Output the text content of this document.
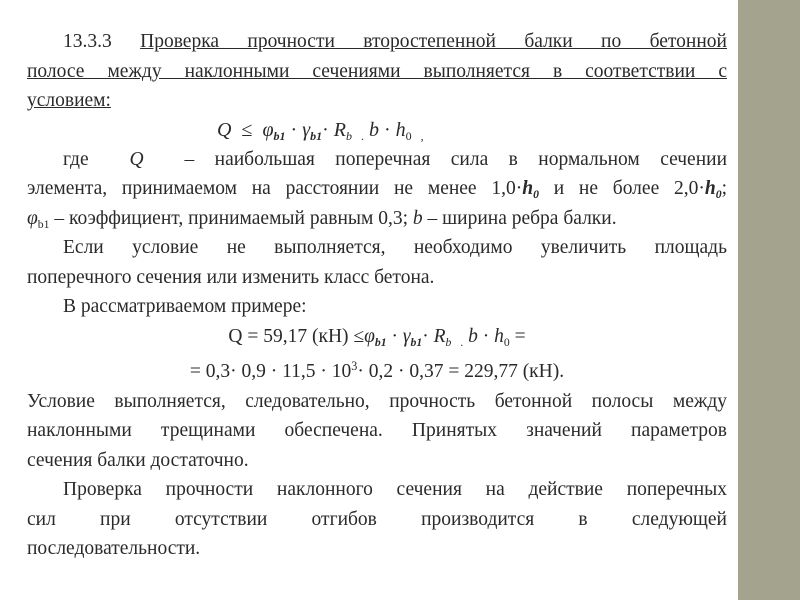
13.3.3 Проверка прочности второстепенной балки по бетонной

полосе между наклонными сечениями выполняется в соответствии с

условием:

$Q \le \varphi_{b1} \cdot \gamma_{b1}\cdot R_b$ $_.$ $b \cdot h_0$ $_,$

где Q – наибольшая поперечная сила в нормальном сечении

элемента, принимаемом на расстоянии не менее $1,0\cdot h_0$ и не более $2,0\cdot h_0$;

$\varphi_{b1}$ – коэффициент, принимаемый равным 0,3; b – ширина ребра балки.

Если условие не выполняется, необходимо увеличить площадь

поперечного сечения или изменить класс бетона.

В рассматриваемом примере:

Q = 59,17 $(кН) \le\varphi_{b1} \cdot \gamma_{b1}\cdot R_b$ $_.$ $b \cdot h_0$ =

= $0,3\cdot 0,9 \cdot 11,5 \cdot 10^3\cdot 0,2 \cdot 0,37 = 229,77$ (кН).

Условие выполняется, следовательно, прочность бетонной полосы между

наклонными трещинами обеспечена. Принятых значений параметров

сечения балки достаточно.

Проверка прочности наклонного сечения на действие поперечных

сил при отсутствии отгибов производится в следующей

последовательности.
